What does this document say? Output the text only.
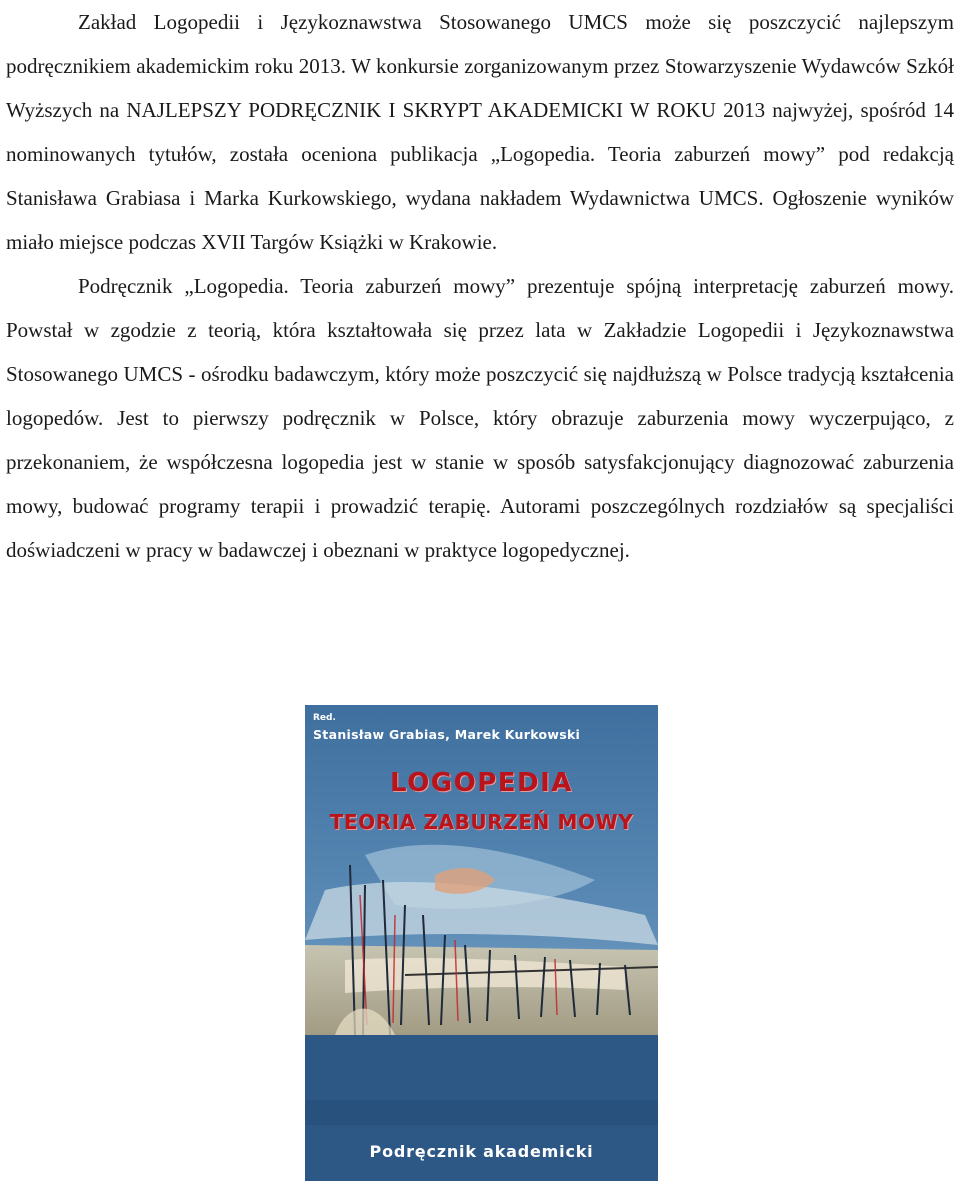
Zakład Logopedii i Językoznawstwa Stosowanego UMCS może się poszczycić najlepszym podręcznikiem akademickim roku 2013. W konkursie zorganizowanym przez Stowarzyszenie Wydawców Szkół Wyższych na NAJLEPSZY PODRĘCZNIK I SKRYPT AKADEMICKI W ROKU 2013 najwyżej, spośród 14 nominowanych tytułów, została oceniona publikacja „Logopedia. Teoria zaburzeń mowy” pod redakcją Stanisława Grabiasa i Marka Kurkowskiego, wydana nakładem Wydawnictwa UMCS. Ogłoszenie wyników miało miejsce podczas XVII Targów Książki w Krakowie.

Podręcznik „Logopedia. Teoria zaburzeń mowy” prezentuje spójną interpretację zaburzeń mowy. Powstał w zgodzie z teorią, która kształtowała się przez lata w Zakładzie Logopedii i Językoznawstwa Stosowanego UMCS - ośrodku badawczym, który może poszczycić się najdłuższą w Polsce tradycją kształcenia logopedów. Jest to pierwszy podręcznik w Polsce, który obrazuje zaburzenia mowy wyczerpująco, z przekonaniem, że współczesna logopedia jest w stanie w sposób satysfakcjonujący diagnozować zaburzenia mowy, budować programy terapii i prowadzić terapię. Autorami poszczególnych rozdziałów są specjaliści doświadczeni w pracy w badawczej i obeznani w praktyce logopedycznej.

Red.
Stanisław Grabias, Marek Kurkowski
LOGOPEDIA
TEORIA ZABURZEŃ MOWY
Podręcznik akademicki
